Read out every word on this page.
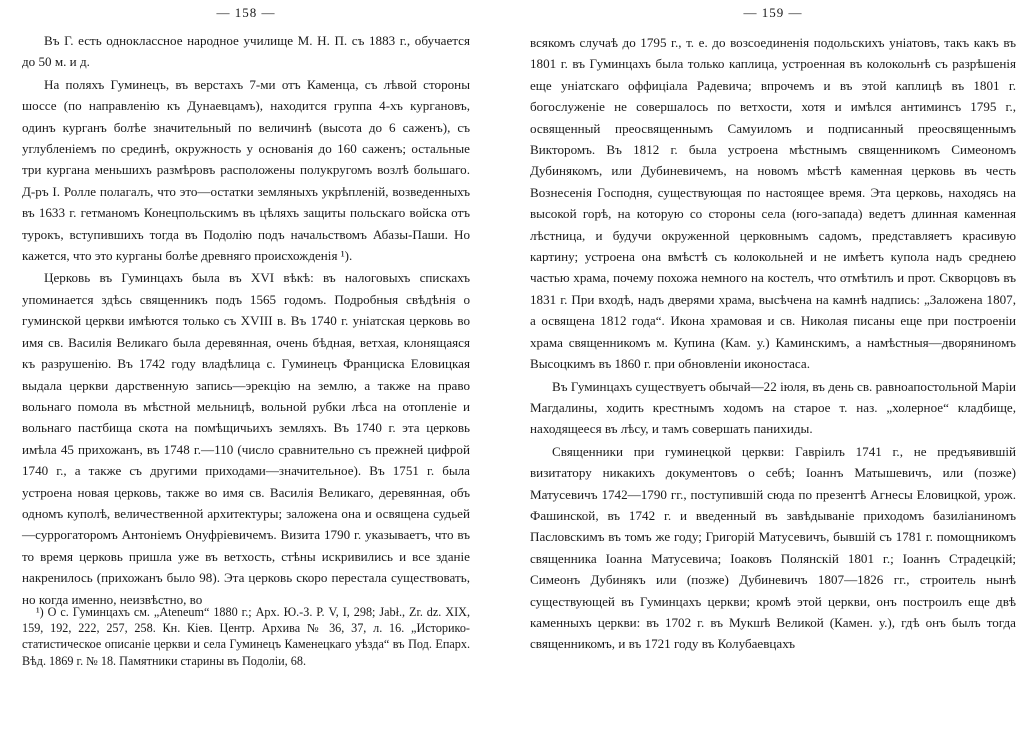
— 158 —

Въ Г. есть одноклассное народное училище М. Н. П. съ 1883 г., обучается до 50 м. и д.

На поляхъ Гуминецъ, въ верстахъ 7-ми отъ Каменца, съ лѣвой стороны шоссе (по направленію къ Дунаевцамъ), находится группа 4-хъ кургановъ, одинъ курганъ болѣе значительный по величинѣ (высота до 6 саженъ), съ углубленіемъ по срединѣ, окружность у основанія до 160 саженъ; остальные три кургана меньшихъ размѣровъ расположены полукругомъ возлѣ большаго. Д-ръ І. Ролле полагалъ, что это—остатки земляныхъ укрѣпленій, возведенныхъ въ 1633 г. гетманомъ Конецпольскимъ въ цѣляхъ защиты польскаго войска отъ турокъ, вступившихъ тогда въ Подолію подъ начальствомъ Абазы-Паши. Но кажется, что это курганы болѣе древняго происхожденія ¹).

Церковь въ Гуминцахъ была въ XVI вѣкѣ: въ налоговыхъ спискахъ упоминается здѣсь священникъ подъ 1565 годомъ. Подробныя свѣдѣнія о гуминской церкви имѣются только съ XVIII в. Въ 1740 г. уніатская церковь во имя св. Василія Великаго была деревянная, очень бѣдная, ветхая, клонящаяся къ разрушенію. Въ 1742 году владѣлица с. Гуминецъ Франциска Еловицкая выдала церкви дарственную запись—эрекцію на землю, а также на право вольнаго помола въ мѣстной мельницѣ, вольной рубки лѣса на отопленіе и вольнаго пастбища скота на помѣщичьихъ земляхъ. Въ 1740 г. эта церковь имѣла 45 прихожанъ, въ 1748 г.—110 (число сравнительно съ прежней цифрой 1740 г., а также съ другими приходами—значительное). Въ 1751 г. была устроена новая церковь, также во имя св. Василія Великаго, деревянная, объ одномъ куполѣ, величественной архитектуры; заложена она и освящена судьей—суррогаторомъ Антоніемъ Онуфріевичемъ. Визита 1790 г. указываетъ, что въ то время церковь пришла уже въ ветхость, стѣны искривились и все зданіе накренилось (прихожанъ было 98). Эта церковь скоро перестала существовать, но когда именно, неизвѣстно, во

¹) О с. Гуминцахъ см. „Ateneum“ 1880 г.; Арх. Ю.-З. Р. V, I, 298; Jabł., Zr. dz. XIX, 159, 192, 222, 257, 258. Кн. Кіев. Центр. Архива № 36, 37, л. 16. „Историко-статистическое описаніе церкви и села Гуминецъ Каменецкаго уѣзда“ въ Под. Епарх. Вѣд. 1869 г. № 18. Памятники старины въ Подоліи, 68.

— 159 —

всякомъ случаѣ до 1795 г., т. е. до возсоединенія подольскихъ уніатовъ, такъ какъ въ 1801 г. въ Гуминцахъ была только каплица, устроенная въ колокольнѣ съ разрѣшенія еще уніатскаго оффиціала Радевича; впрочемъ и въ этой каплицѣ въ 1801 г. богослуженіе не совершалось по ветхости, хотя и имѣлся антиминсъ 1795 г., освященный преосвященнымъ Самуиломъ и подписанный преосвященнымъ Викторомъ. Въ 1812 г. была устроена мѣстнымъ священникомъ Симеономъ Дубинякомъ, или Дубиневичемъ, на новомъ мѣстѣ каменная церковь въ честь Вознесенія Господня, существующая по настоящее время. Эта церковь, находясь на высокой горѣ, на которую со стороны села (юго-запада) ведетъ длинная каменная лѣстница, и будучи окруженной церковнымъ садомъ, представляетъ красивую картину; устроена она вмѣстѣ съ колокольней и не имѣетъ купола надъ среднею частью храма, почему похожа немного на костелъ, что отмѣтилъ и прот. Скворцовъ въ 1831 г. При входѣ, надъ дверями храма, высѣчена на камнѣ надпись: „Заложена 1807, а освящена 1812 года“. Икона храмовая и св. Николая писаны еще при построеніи храма священникомъ м. Купина (Кам. у.) Каминскимъ, а намѣстныя—дворяниномъ Высоцкимъ въ 1860 г. при обновленіи иконостаса.

Въ Гуминцахъ существуетъ обычай—22 іюля, въ день св. равноапостольной Маріи Магдалины, ходить крестнымъ ходомъ на старое т. наз. „холерное“ кладбище, находящееся въ лѣсу, и тамъ совершать панихиды.

Священники при гуминецкой церкви: Гавріилъ 1741 г., не предъявившій визитатору никакихъ документовъ о себѣ; Іоаннъ Матышевичъ, или (позже) Матусевичъ 1742—1790 гг., поступившій сюда по презентѣ Агнесы Еловицкой, урож. Фашинской, въ 1742 г. и введенный въ завѣдываніе приходомъ базиліаниномъ Пасловскимъ въ томъ же году; Григорій Матусевичъ, бывшій съ 1781 г. помощникомъ священника Іоанна Матусевича; Іоаковъ Полянскій 1801 г.; Іоаннъ Страдецкій; Симеонъ Дубинякъ или (позже) Дубиневичъ 1807—1826 гг., строитель нынѣ существующей въ Гуминцахъ церкви; кромѣ этой церкви, онъ построилъ еще двѣ каменныхъ церкви: въ 1702 г. въ Мукшѣ Великой (Камен. у.), гдѣ онъ былъ тогда священникомъ, и въ 1721 году въ Колубаевцахъ
